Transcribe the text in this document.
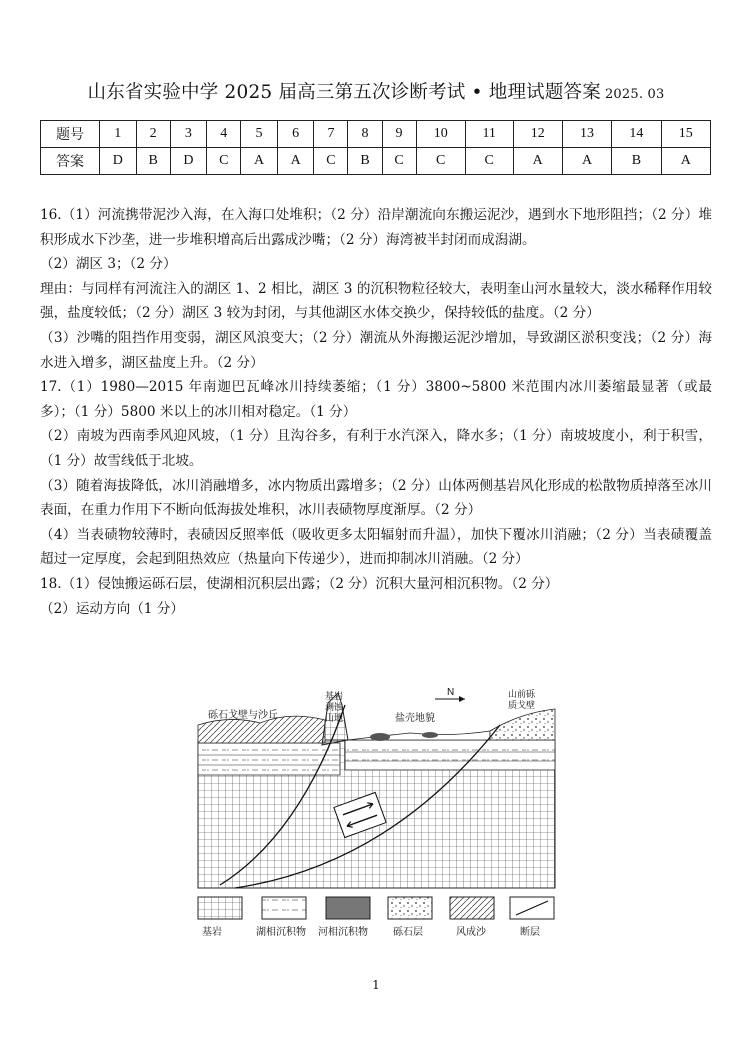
山东省实验中学 2025 届高三第五次诊断考试 • 地理试题答案 2025. 03
题号	1	2	3	4	5	6	7	8	9	10	11	12	13	14	15
答案	D	B	D	C	A	A	C	B	C	C	C	A	A	B	A

16.（1）河流携带泥沙入海，在入海口处堆积；（2 分）沿岸潮流向东搬运泥沙，遇到水下地形阻挡；（2 分）堆积形成水下沙垄，进一步堆积增高后出露成沙嘴；（2 分）海湾被半封闭而成潟湖。

（2）湖区 3；（2 分）

理由：与同样有河流注入的湖区 1、2 相比，湖区 3 的沉积物粒径较大，表明奎山河水量较大，淡水稀释作用较强，盐度较低；（2 分）湖区 3 较为封闭，与其他湖区水体交换少，保持较低的盐度。（2 分）

（3）沙嘴的阻挡作用变弱，湖区风浪变大；（2 分）潮流从外海搬运泥沙增加，导致湖区淤积变浅；（2 分）海水进入增多，湖区盐度上升。（2 分）

17.（1）1980—2015 年南迦巴瓦峰冰川持续萎缩；（1 分）3800~5800 米范围内冰川萎缩最显著（或最多）；（1 分）5800 米以上的冰川相对稳定。（1 分）

（2）南坡为西南季风迎风坡，（1 分）且沟谷多，有利于水汽深入，降水多；（1 分）南坡坡度小，利于积雪，（1 分）故雪线低于北坡。

（3）随着海拔降低，冰川消融增多，冰内物质出露增多；（2 分）山体两侧基岩风化形成的松散物质掉落至冰川表面，在重力作用下不断向低海拔处堆积，冰川表碛物厚度渐厚。（2 分）

（4）当表碛物较薄时，表碛因反照率低（吸收更多太阳辐射而升温），加快下覆冰川消融；（2 分）当表碛覆盖超过一定厚度，会起到阻热效应（热量向下传递少），进而抑制冰川消融。（2 分）

18.（1）侵蚀搬运砾石层，使湖相沉积层出露；（2 分）沉积大量河相沉积物。（2 分）

（2）运动方向（1 分）

N
砾石戈壁与沙丘
基岩
剥蚀
山地	盐壳地貌
山前砾
质戈壁
基岩	湖相沉积物 河相沉积物	砾石层	风成沙	断层
1
